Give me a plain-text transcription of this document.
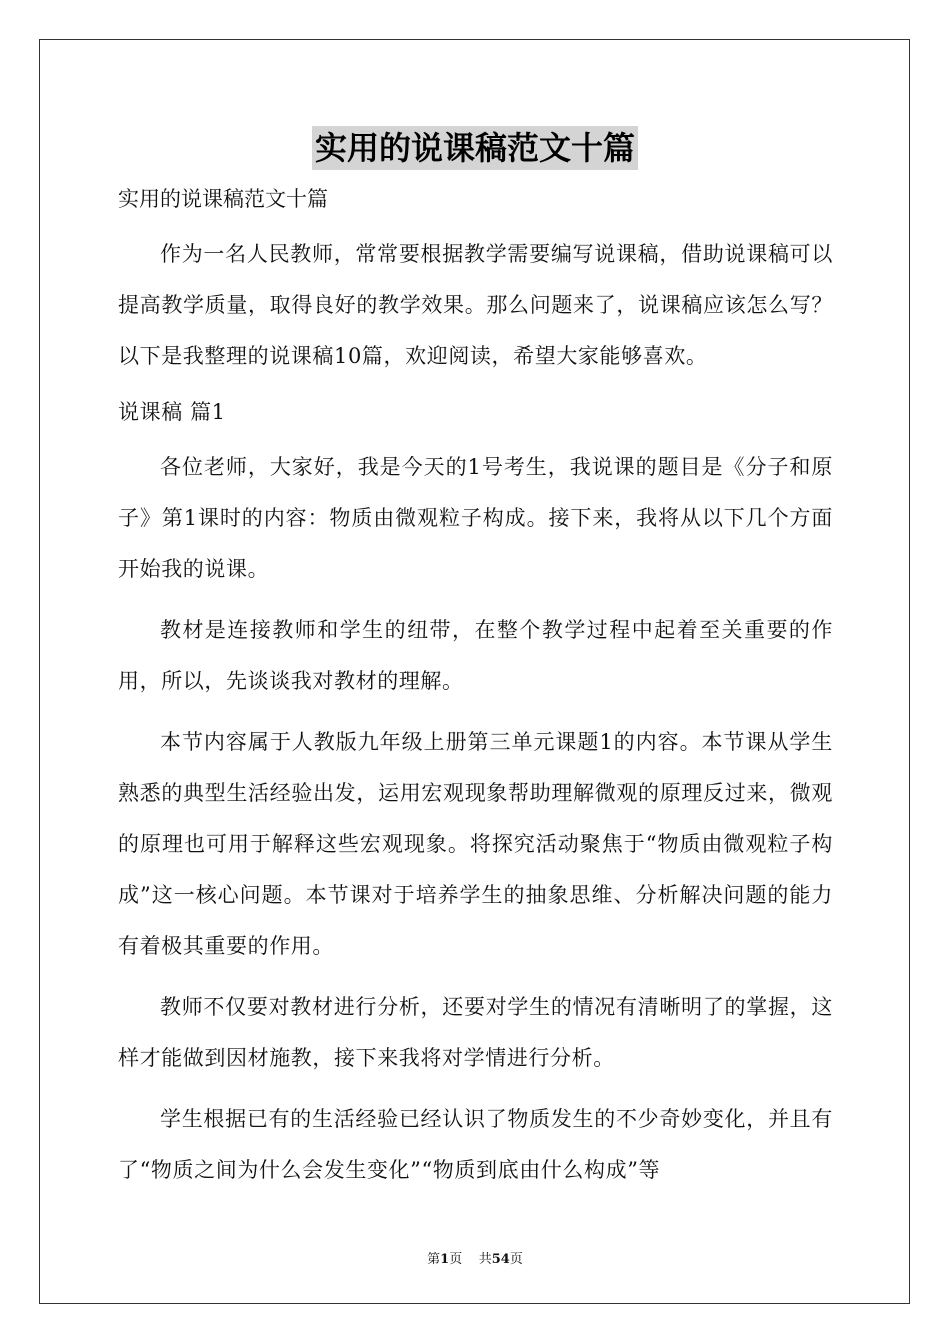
实用的说课稿范文十篇

实用的说课稿范文十篇

作为一名人民教师，常常要根据教学需要编写说课稿，借助说课稿可以提高教学质量，取得良好的教学效果。那么问题来了，说课稿应该怎么写？以下是我整理的说课稿10篇，欢迎阅读，希望大家能够喜欢。

说课稿 篇1

各位老师，大家好，我是今天的1号考生，我说课的题目是《分子和原子》第1课时的内容：物质由微观粒子构成。接下来，我将从以下几个方面开始我的说课。

教材是连接教师和学生的纽带，在整个教学过程中起着至关重要的作用，所以，先谈谈我对教材的理解。

本节内容属于人教版九年级上册第三单元课题1的内容。本节课从学生熟悉的典型生活经验出发，运用宏观现象帮助理解微观的原理反过来，微观的原理也可用于解释这些宏观现象。将探究活动聚焦于“物质由微观粒子构成”这一核心问题。本节课对于培养学生的抽象思维、分析解决问题的能力有着极其重要的作用。

教师不仅要对教材进行分析，还要对学生的情况有清晰明了的掌握，这样才能做到因材施教，接下来我将对学情进行分析。

学生根据已有的生活经验已经认识了物质发生的不少奇妙变化，并且有了“物质之间为什么会发生变化”“物质到底由什么构成”等

第1页 共54页
